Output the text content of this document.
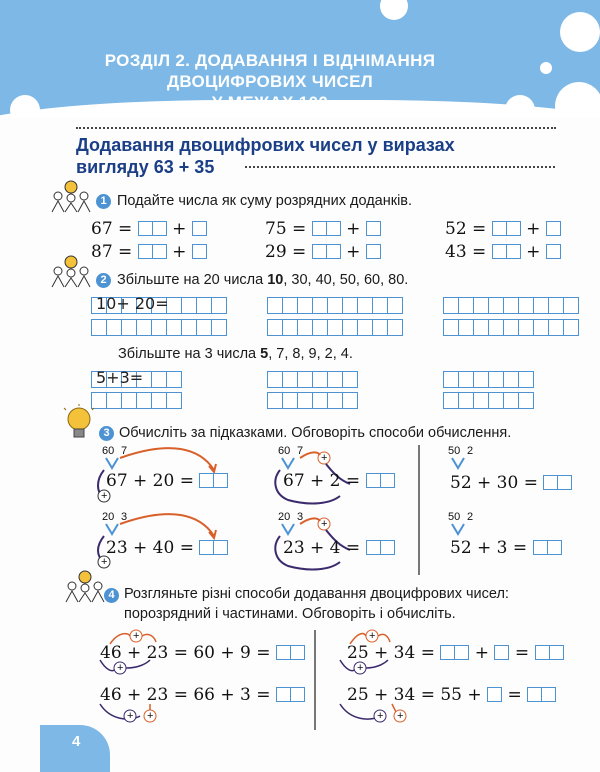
РОЗДІЛ 2. ДОДАВАННЯ І ВІДНІМАННЯ
ДВОЦИФРОВИХ ЧИСЕЛ
У МЕЖАХ 100
Додавання двоцифрових чисел у виразах
вигляду 63 + 35
1 Подайте числа як суму розрядних доданків.
67 =  +	75 =  +	52 =  +
87 =  +	29 =  +	43 =  +
2 Збільште на 20 числа 10, 30, 40, 50, 60, 80.
10+ 20=
Збільште на 3 числа 5, 7, 8, 9, 2, 4.
5+3=
3 Обчисліть за підказками. Обговоріть способи обчислення.
60 7
+
67 + 20 =
60 7
+
67 + 2 =
50 2
52 + 30 =
20 3
+
23 + 40 =
20 3
+
23 + 4 =
50 2
52 + 3 =
4 Розгляньте різні способи додавання двоцифрових чисел:
порозрядний і частинами. Обговоріть і обчисліть.
+
+
+
+
+ +	+ +
46 + 23 = 60 + 9 =	25 + 34 = + =
46 + 23 = 66 + 3 =	25 + 34 = 55 + =
4
